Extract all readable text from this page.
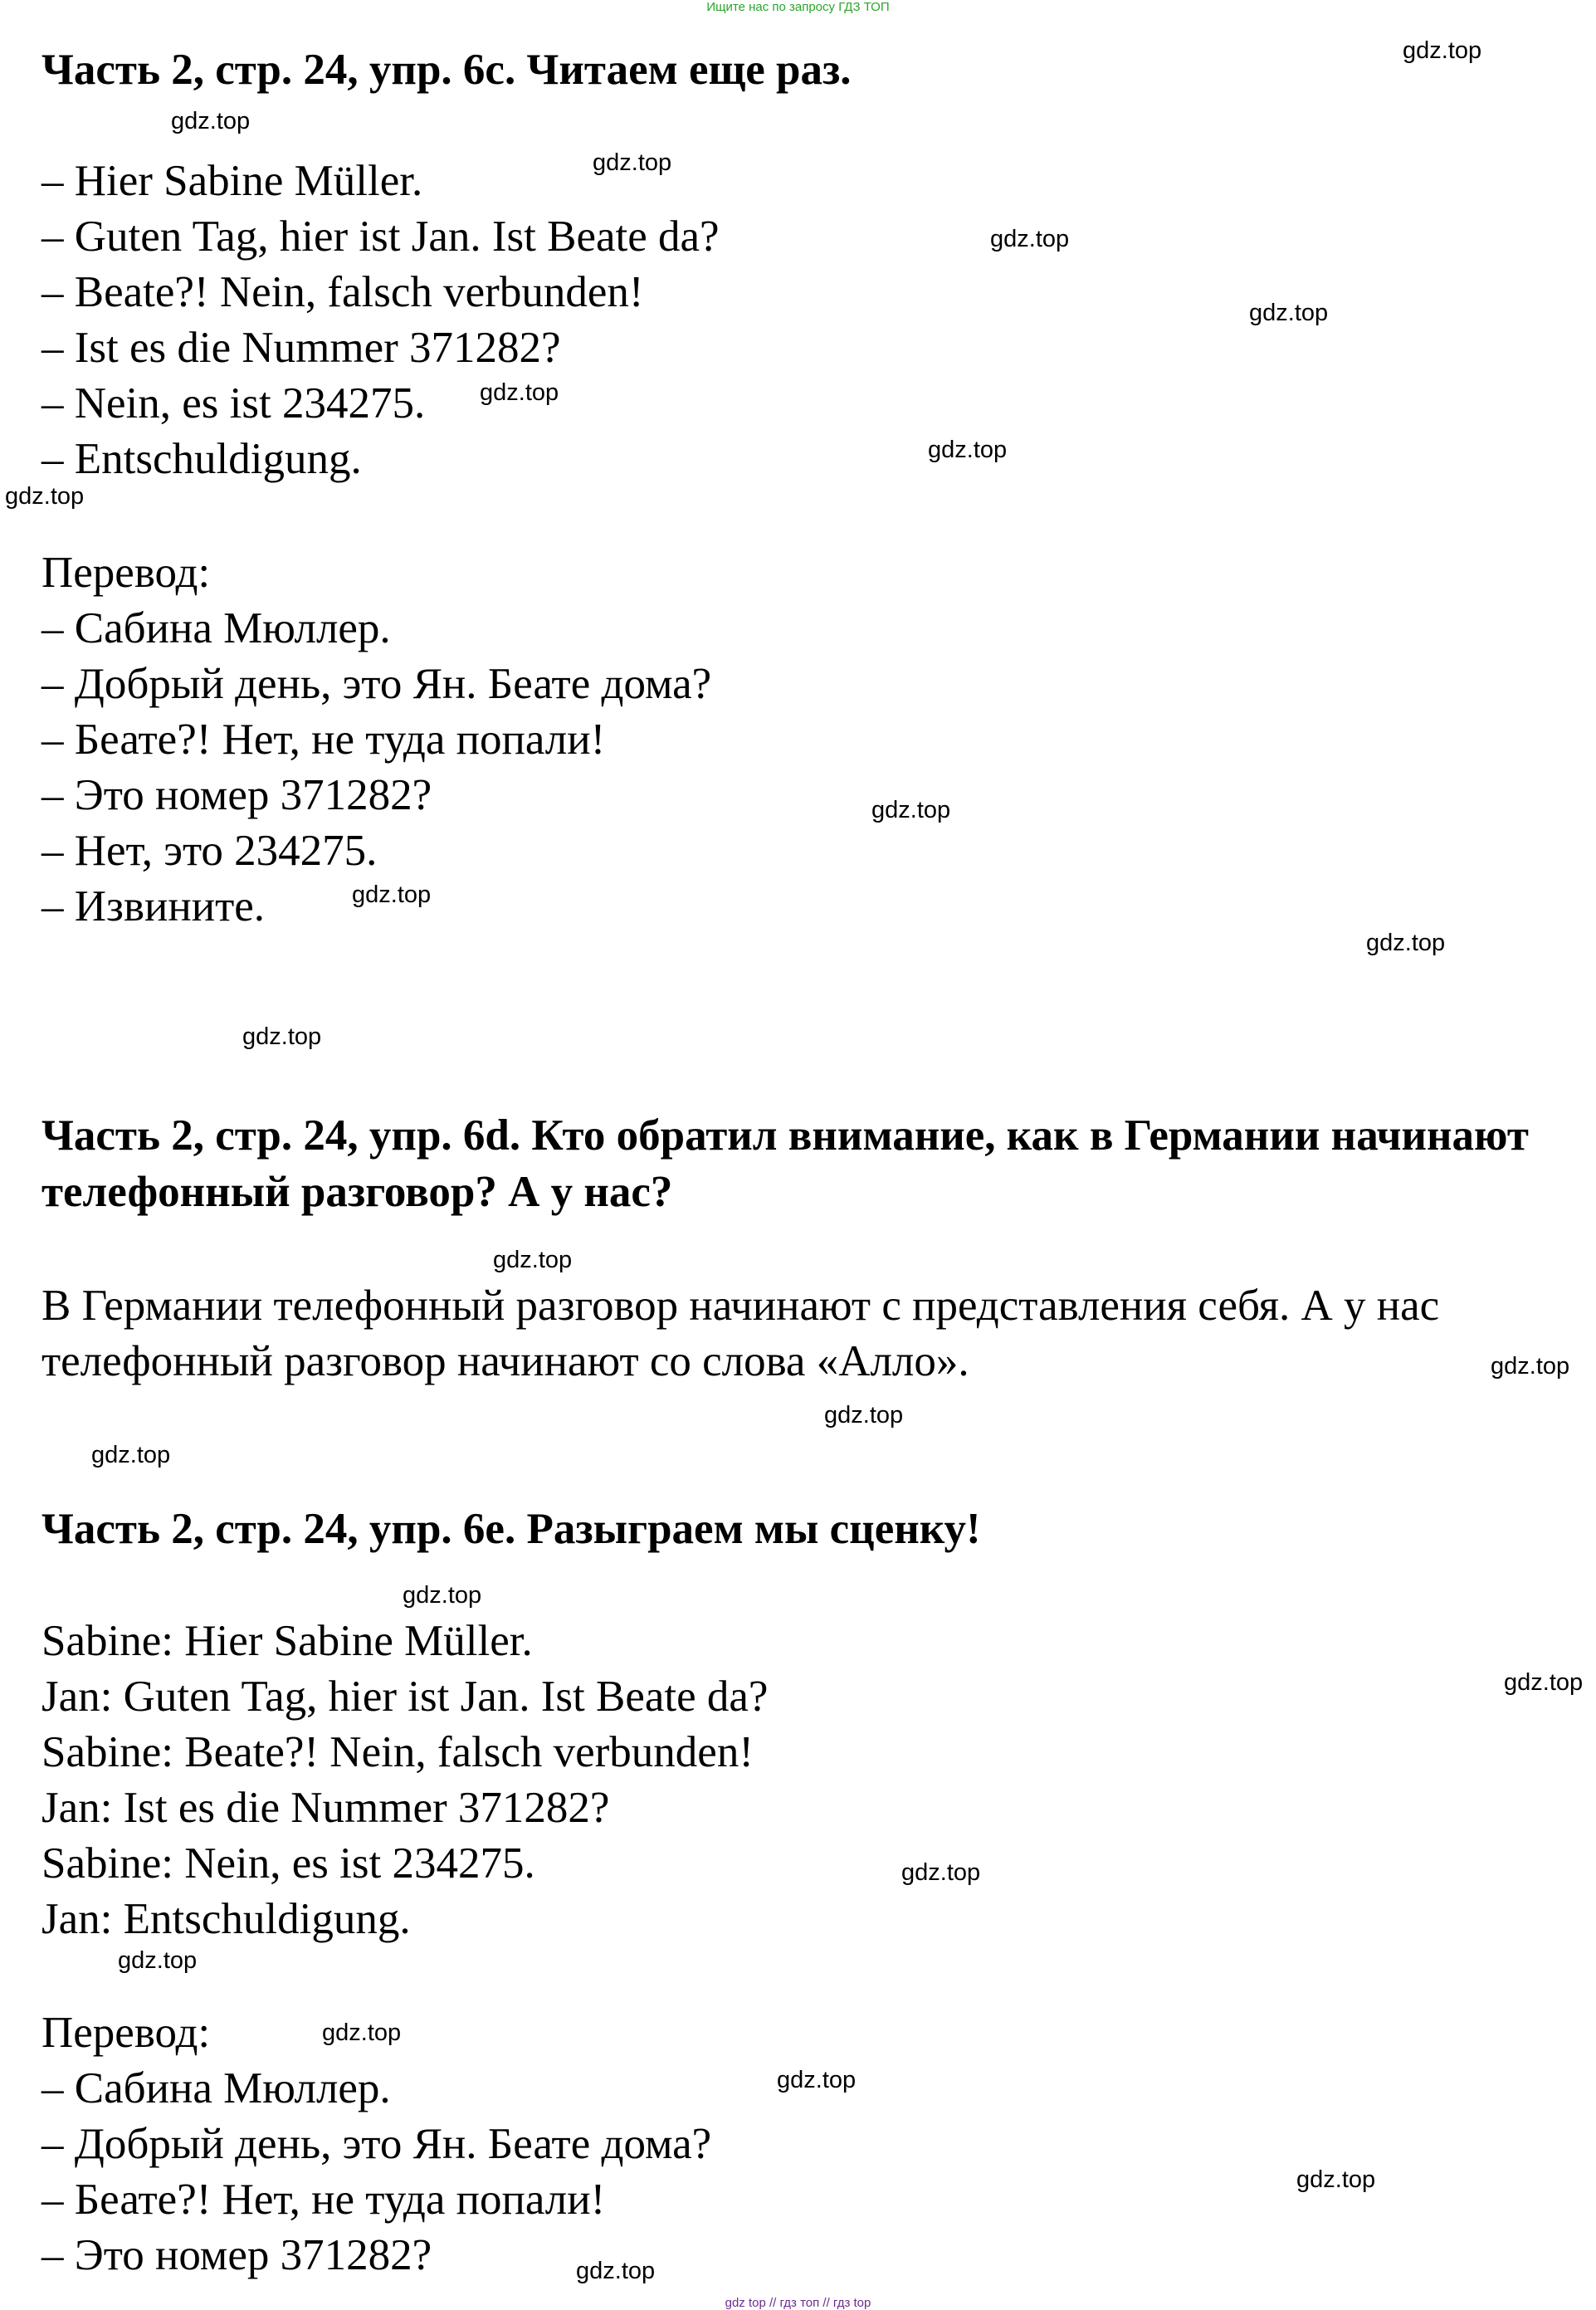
Ищите нас по запросу ГДЗ ТОП
gdz top // гдз топ // гдз top
Часть 2, стр. 24, упр. 6c. Читаем еще раз.
– Hier Sabine Müller.
– Guten Tag, hier ist Jan. Ist Beate da?
– Beate?! Nein, falsch verbunden!
– Ist es die Nummer 371282?
– Nein, es ist 234275.
– Entschuldigung.
Перевод:
– Сабина Мюллер.
– Добрый день, это Ян. Беате дома?
– Беате?! Нет, не туда попали!
– Это номер 371282?
– Нет, это 234275.
– Извините.
Часть 2, стр. 24, упр. 6d. Кто обратил внимание, как в Германии начинают телефонный разговор? А у нас?
В Германии телефонный разговор начинают с представления себя. А у нас телефонный разговор начинают со слова «Алло».
Часть 2, стр. 24, упр. 6e. Разыграем мы сценку!
Sabine: Hier Sabine Müller.
Jan: Guten Tag, hier ist Jan. Ist Beate da?
Sabine: Beate?! Nein, falsch verbunden!
Jan: Ist es die Nummer 371282?
Sabine: Nein, es ist 234275.
Jan: Entschuldigung.
Перевод:
– Сабина Мюллер.
– Добрый день, это Ян. Беате дома?
– Беате?! Нет, не туда попали!
– Это номер 371282?
gdz.top
gdz.top
gdz.top
gdz.top
gdz.top
gdz.top
gdz.top
gdz.top
gdz.top
gdz.top
gdz.top
gdz.top
gdz.top
gdz.top
gdz.top
gdz.top
gdz.top
gdz.top
gdz.top
gdz.top
gdz.top
gdz.top
gdz.top
gdz.top
